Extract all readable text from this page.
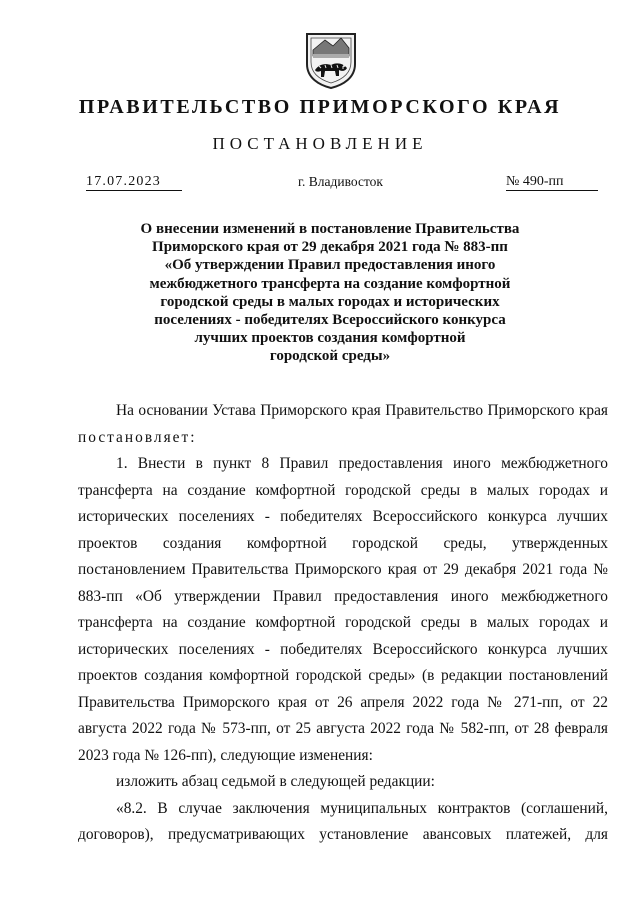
ПРАВИТЕЛЬСТВО ПРИМОРСКОГО КРАЯ
ПОСТАНОВЛЕНИЕ
17.07.2023	г. Владивосток	№ 490-пп
О внесении изменений в постановление Правительства
Приморского края от 29 декабря 2021 года № 883-пп
«Об утверждении Правил предоставления иного
межбюджетного трансферта на создание комфортной
городской среды в малых городах и исторических
поселениях - победителях Всероссийского конкурса
лучших проектов создания комфортной
городской среды»

На основании Устава Приморского края Правительство Приморского края постановляет:

1. Внести в пункт 8 Правил предоставления иного межбюджетного трансферта на создание комфортной городской среды в малых городах и исторических поселениях - победителях Всероссийского конкурса лучших проектов создания комфортной городской среды, утвержденных постановлением Правительства Приморского края от 29 декабря 2021 года № 883-пп «Об утверждении Правил предоставления иного межбюджетного трансферта на создание комфортной городской среды в малых городах и исторических поселениях - победителях Всероссийского конкурса лучших проектов создания комфортной городской среды» (в редакции постановлений Правительства Приморского края от 26 апреля 2022 года № 271-пп, от 22 августа 2022 года № 573-пп, от 25 августа 2022 года № 582-пп, от 28 февраля 2023 года № 126-пп), следующие изменения:

изложить абзац седьмой в следующей редакции:

«8.2. В случае заключения муниципальных контрактов (соглашений, договоров), предусматривающих установление авансовых платежей, для
